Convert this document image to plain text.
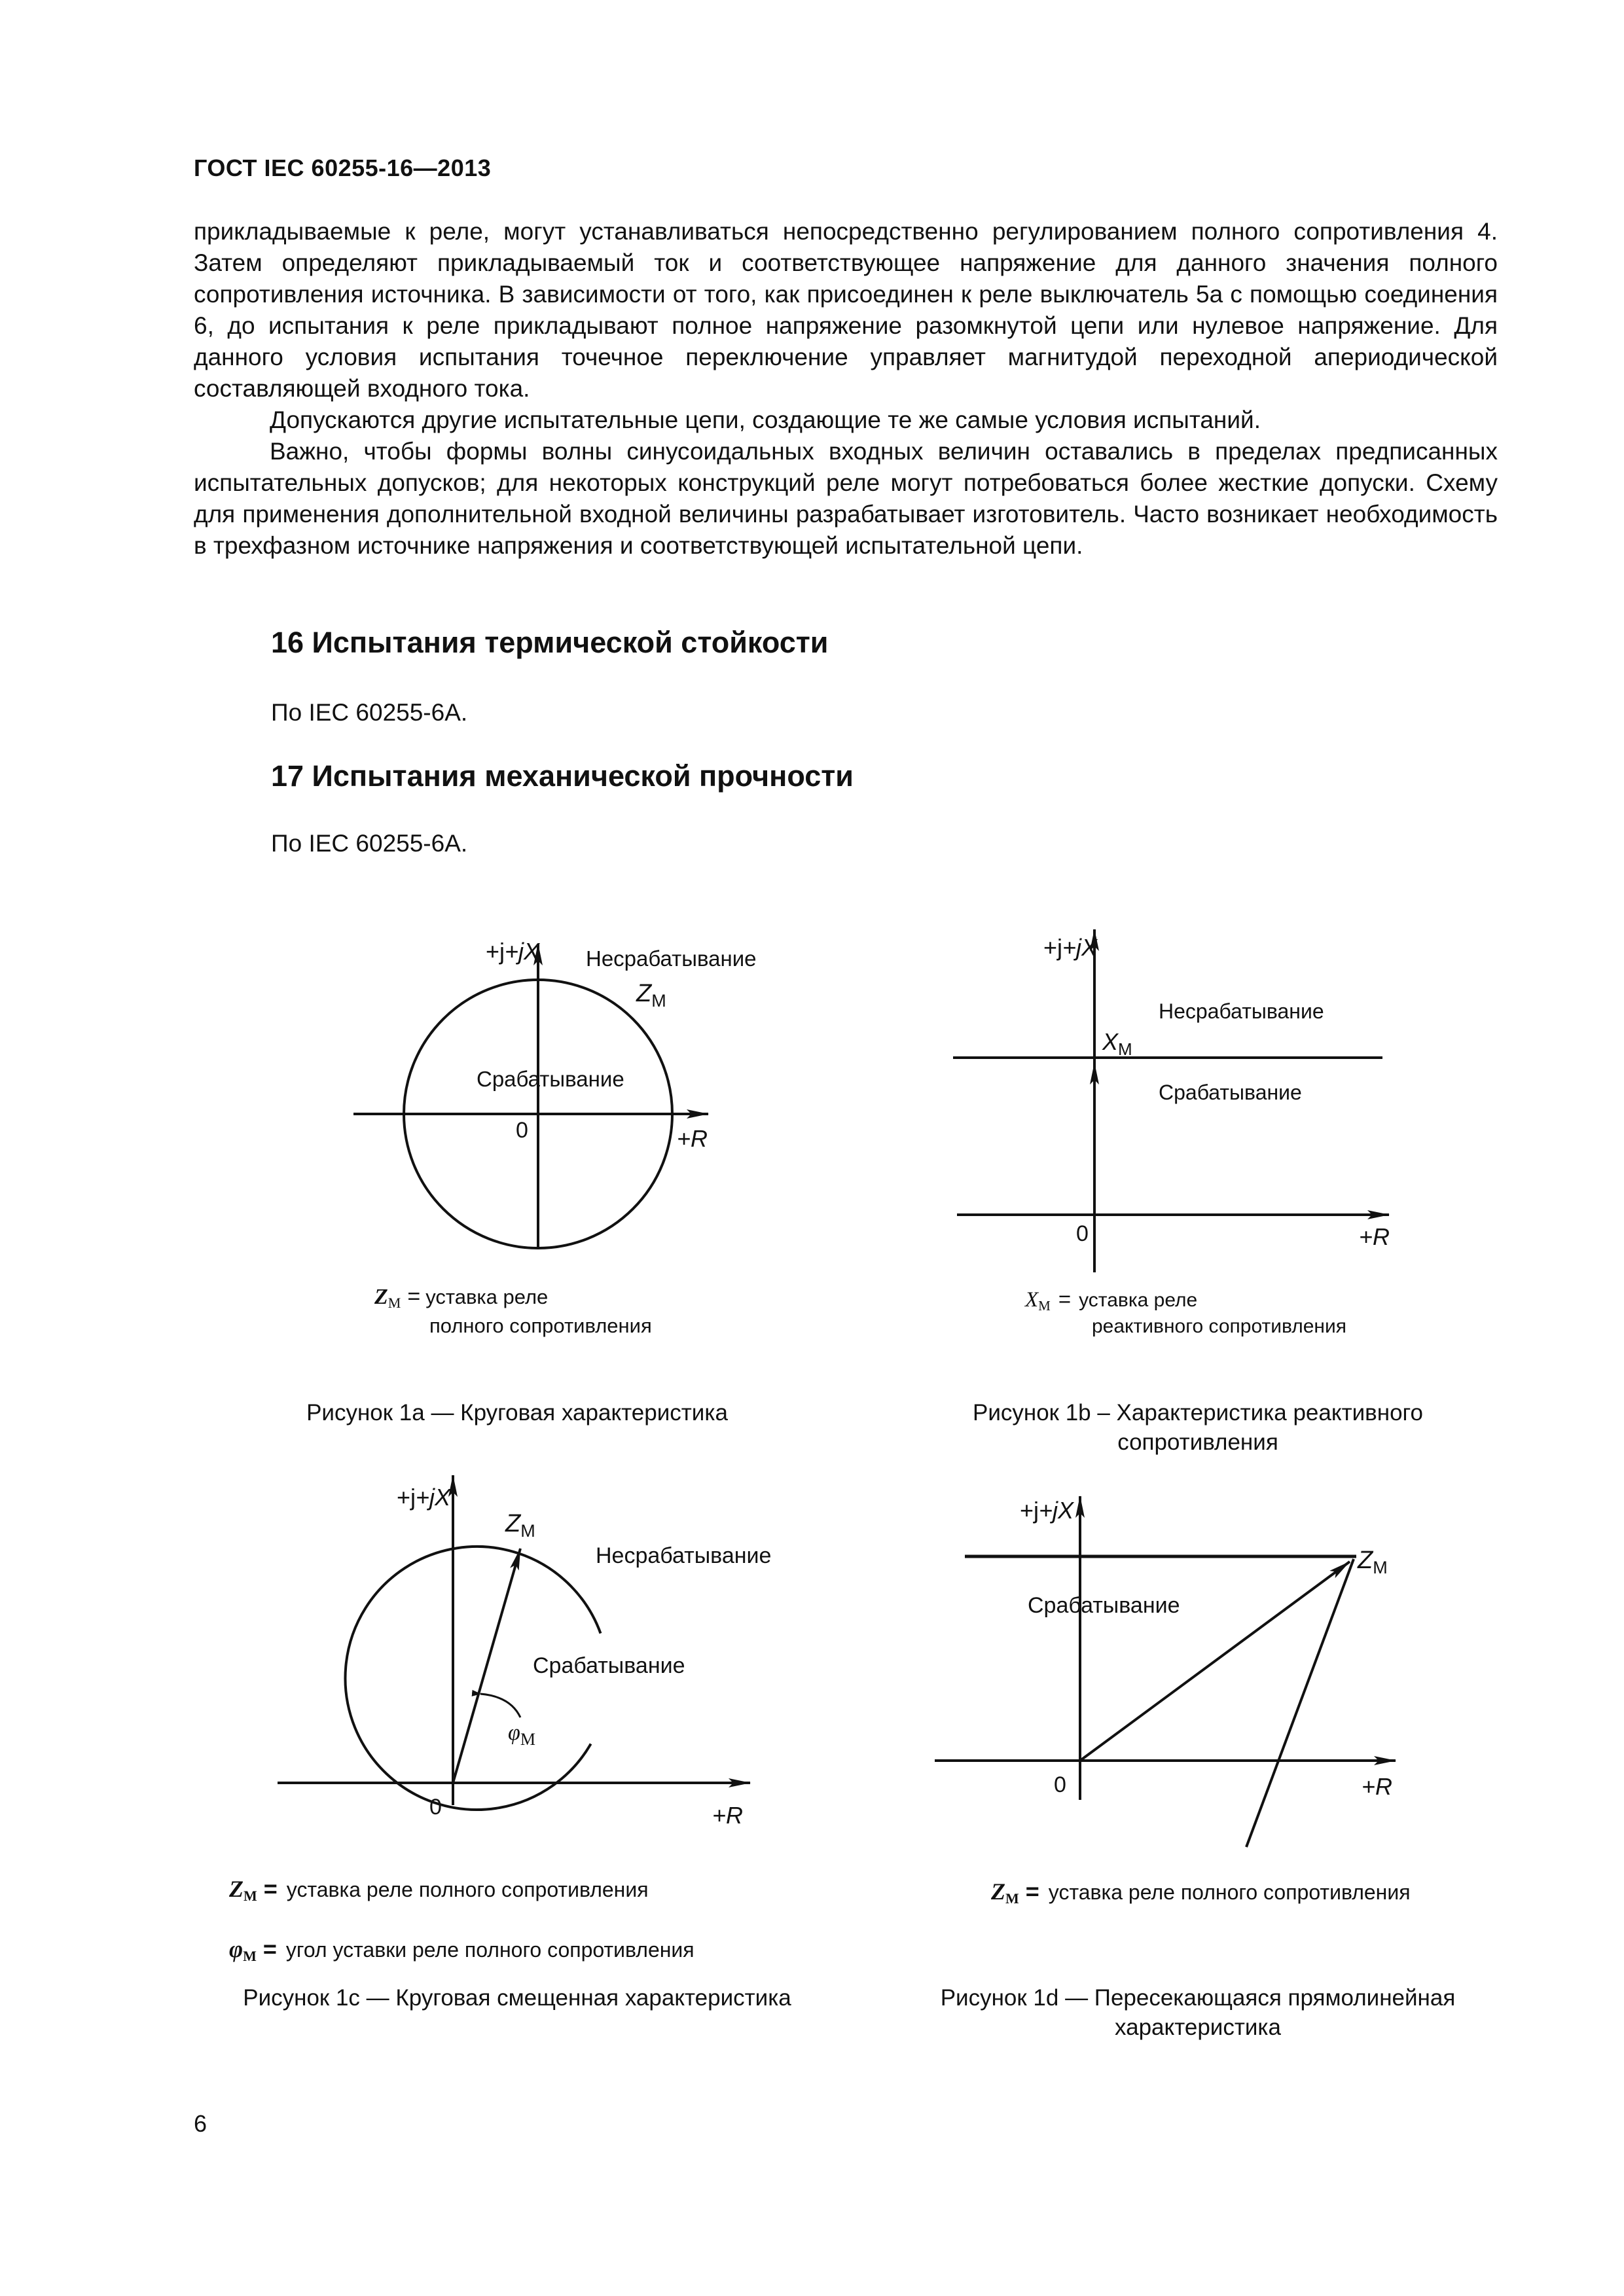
ГОСТ IEC 60255-16—2013

прикладываемые к реле, могут устанавливаться непосредственно регулированием полного сопротивления 4. Затем определяют прикладываемый ток и соответствующее напряжение для данного значения полного сопротивления источника. В зависимости от того, как присоединен к реле выключатель 5а с помощью соединения 6, до испытания к реле прикладывают полное напряжение разомкнутой цепи или нулевое напряжение. Для данного условия испытания точечное переключение управляет магнитудой переходной апериодической составляющей входного тока.

Допускаются другие испытательные цепи, создающие те же самые условия испытаний.

Важно, чтобы формы волны синусоидальных входных величин оставались в пределах предписанных испытательных допусков; для некоторых конструкций реле могут потребоваться более жесткие допуски. Схему для применения дополнительной входной величины разрабатывает изготовитель. Часто возникает необходимость в трехфазном источнике напряжения и соответствующей испытательной цепи.

16 Испытания термической стойкости
По IEC 60255-6А.
17 Испытания механической прочности
По IEC 60255-6А.
+j+jX
+R
0
Несрабатывание
Срабатывание
$Z_M$
ZM = уставка реле
полного сопротивления
+j+jX
+R
0
Несрабатывание
Срабатывание
$X_M$
XM = уставка реле
реактивного сопротивления
+j+jX
+R
0
$Z_M$
Несрабатывание
Срабатывание
$\varphi_M$
ZM = уставка реле полного сопротивления
φM = угол уставки реле полного сопротивления
+j+jX
+R
0
Срабатывание
$Z_M$
ZM = уставка реле полного сопротивления
Рисунок 1а — Круговая характеристика	Рисунок 1b – Характеристика реактивного
сопротивления
Рисунок 1с — Круговая смещенная характеристика	Рисунок 1d — Пересекающаяся прямолинейная
характеристика
6
